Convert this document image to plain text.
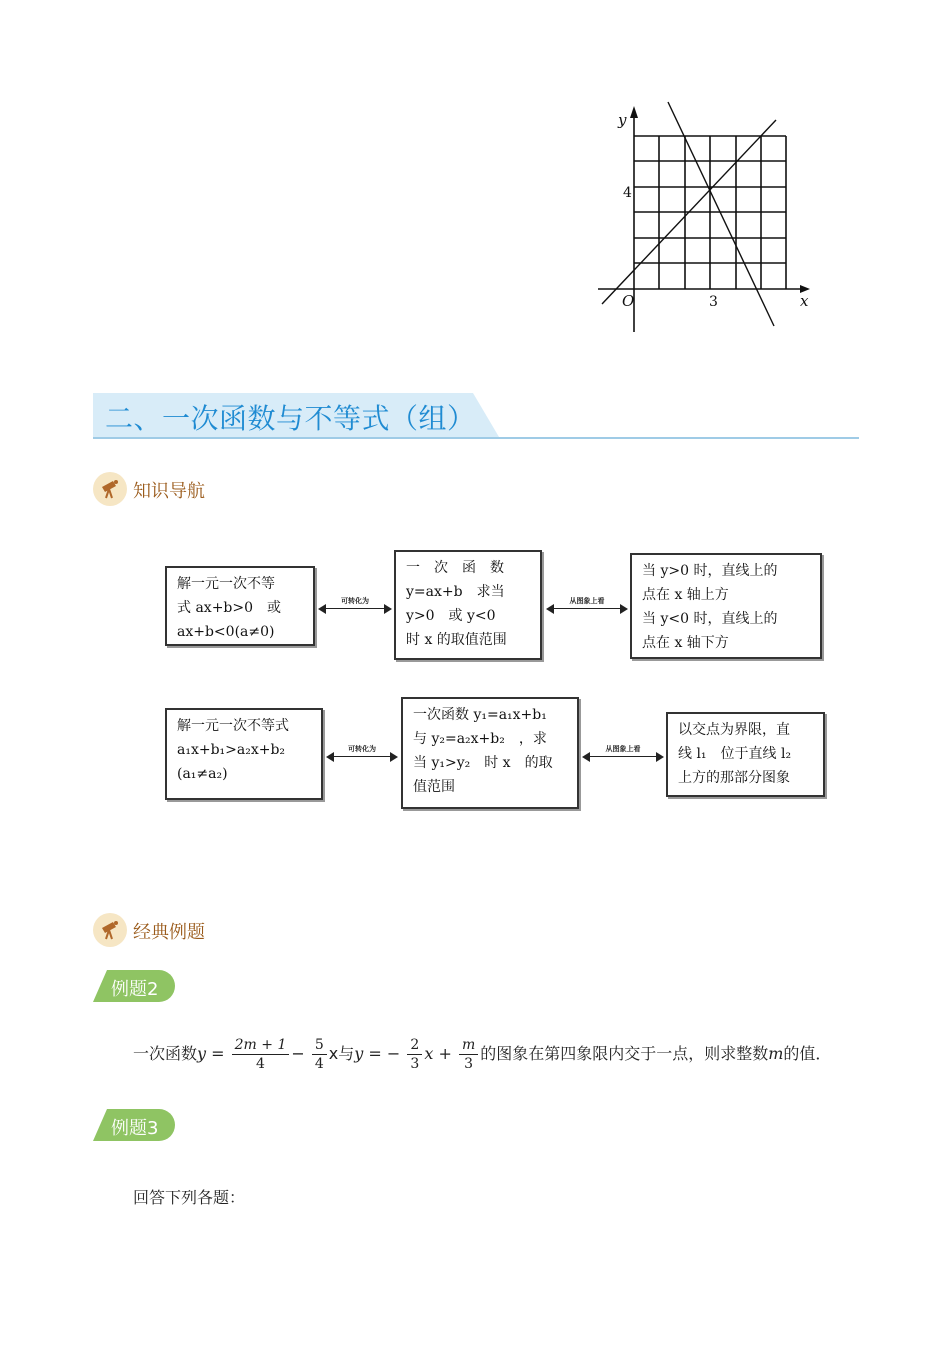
y
x
O
4
3
二、一次函数与不等式（组）
知识导航
解一元一次不等
式 ax+b>0　或
ax+b<0(a≠0)
可转化为
一　次　函　数
y=ax+b　求当
y>0　或 y<0
时 x 的取值范围
从图象上看
当 y>0 时，直线上的
点在 x 轴上方
当 y<0 时，直线上的
点在 x 轴下方
解一元一次不等式
a₁x+b₁>a₂x+b₂
(a₁≠a₂)
可转化为
一次函数 y₁=a₁x+b₁
与 y₂=a₂x+b₂　，求
当 y₁>y₂　时 x　的取
值范围
从图象上看
以交点为界限，直
线 l₁　位于直线 l₂
上方的那部分图象
经典例题
例题2
一次函数$y = \frac{2m + 1}{4} - \frac{5}{4}$ x与y = − $\frac{2}{3}$ $x + \frac{m}{3}$ 的图象在第四象限内交于一点，则求整数m的值．
例题3
回答下列各题：
